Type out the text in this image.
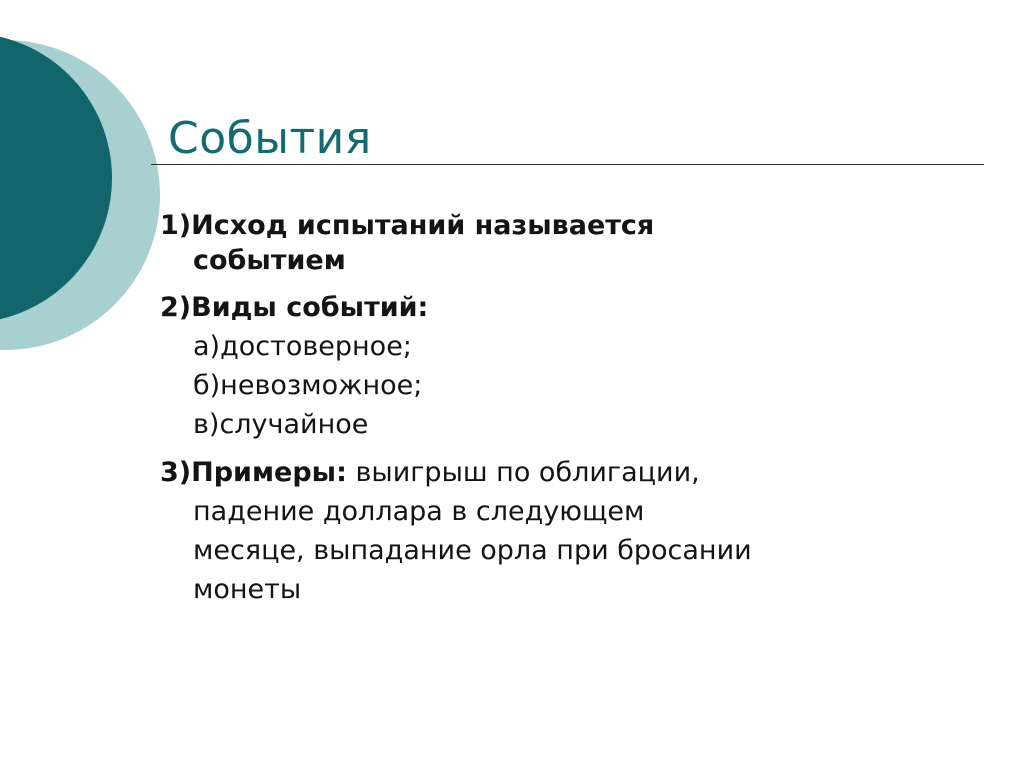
События
1)Исход испытаний называется
событием
2)Виды событий:
а)достоверное;
б)невозможное;
в)случайное
3)Примеры: выигрыш по облигации,
падение доллара в следующем
месяце, выпадание орла при бросании
монеты
